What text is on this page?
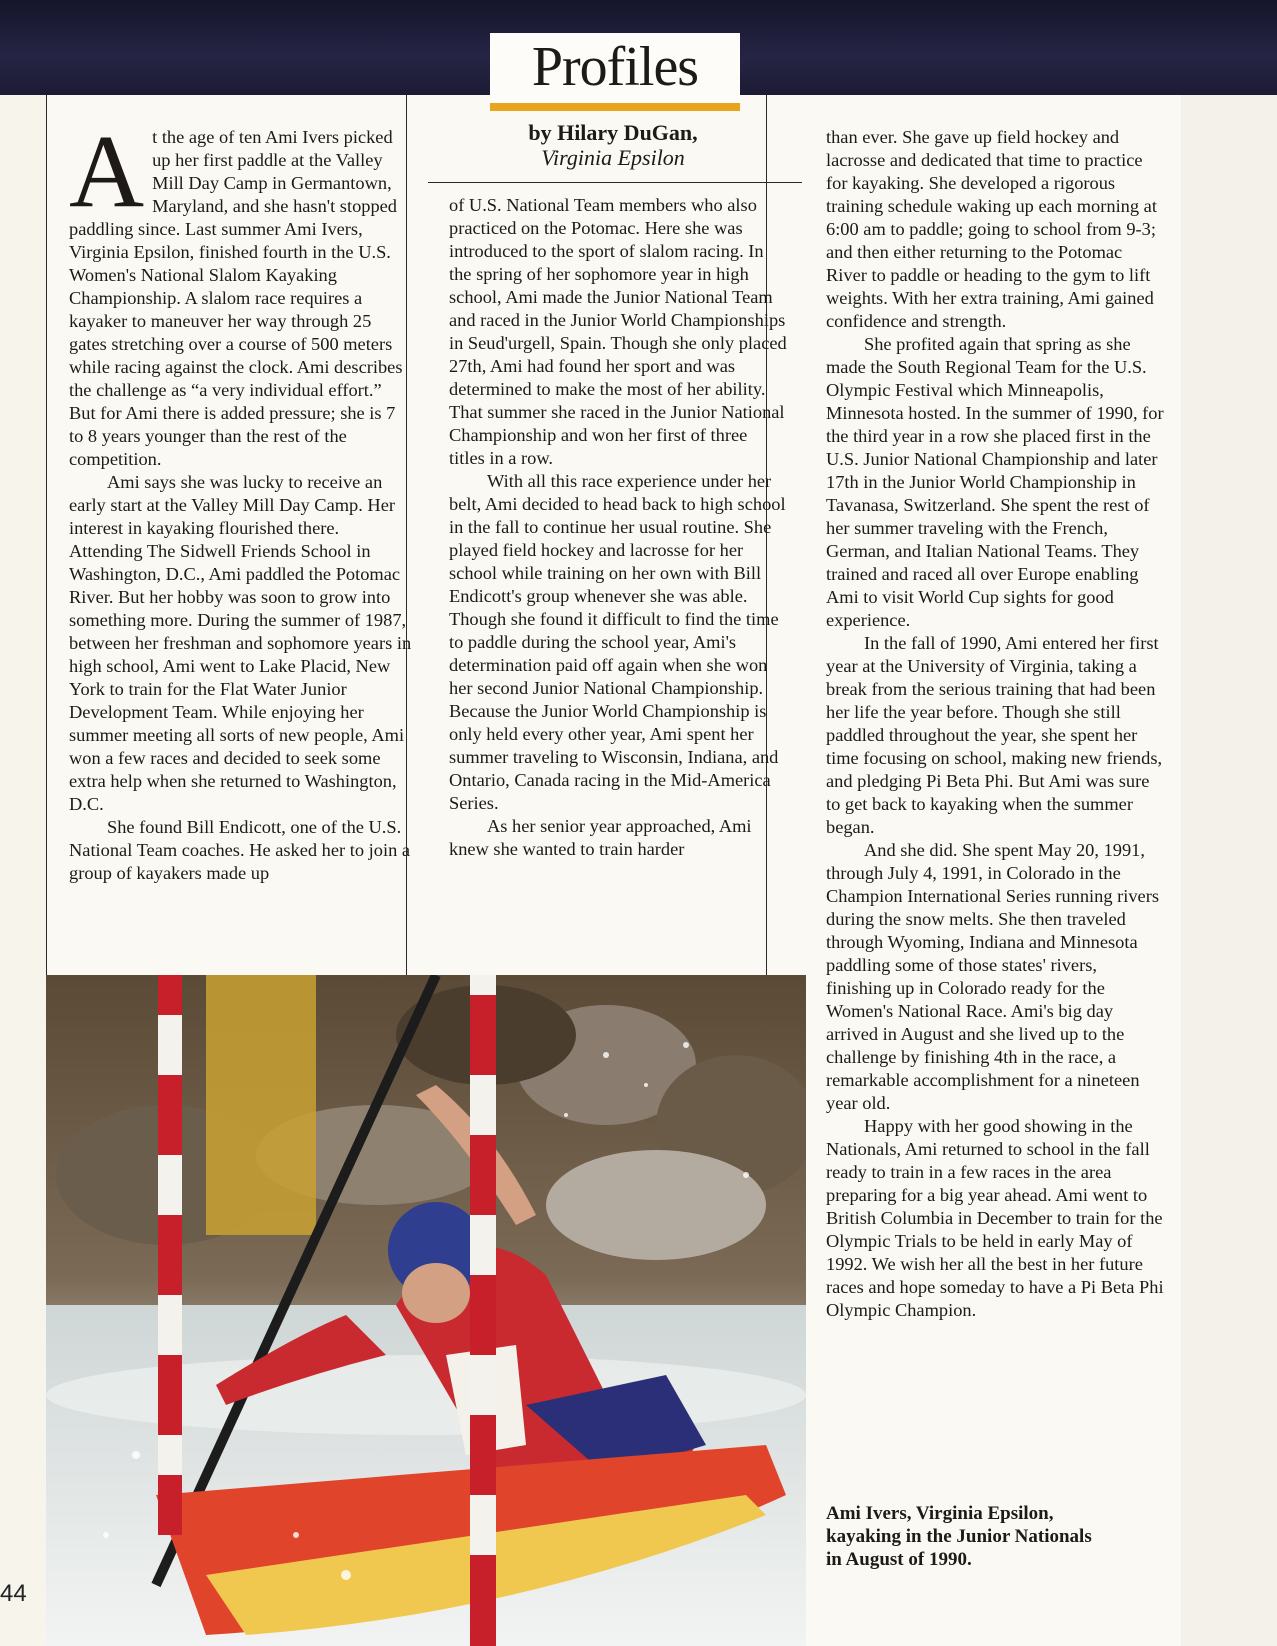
Profiles
by Hilary DuGan,
Virginia Epsilon

At the age of ten Ami Ivers picked up her first paddle at the Valley Mill Day Camp in Germantown, Maryland, and she hasn't stopped paddling since. Last summer Ami Ivers, Virginia Epsilon, finished fourth in the U.S. Women's National Slalom Kayaking Championship. A slalom race requires a kayaker to maneuver her way through 25 gates stretching over a course of 500 meters while racing against the clock. Ami describes the challenge as “a very individual effort.” But for Ami there is added pressure; she is 7 to 8 years younger than the rest of the competition.

Ami says she was lucky to receive an early start at the Valley Mill Day Camp. Her interest in kayaking flourished there. Attending The Sidwell Friends School in Washington, D.C., Ami paddled the Potomac River. But her hobby was soon to grow into something more. During the summer of 1987, between her freshman and sophomore years in high school, Ami went to Lake Placid, New York to train for the Flat Water Junior Development Team. While enjoying her summer meeting all sorts of new people, Ami won a few races and decided to seek some extra help when she returned to Washington, D.C.

She found Bill Endicott, one of the U.S. National Team coaches. He asked her to join a group of kayakers made up

of U.S. National Team members who also practiced on the Potomac. Here she was introduced to the sport of slalom racing. In the spring of her sophomore year in high school, Ami made the Junior National Team and raced in the Junior World Championships in Seud'urgell, Spain. Though she only placed 27th, Ami had found her sport and was determined to make the most of her ability. That summer she raced in the Junior National Championship and won her first of three titles in a row.

With all this race experience under her belt, Ami decided to head back to high school in the fall to continue her usual routine. She played field hockey and lacrosse for her school while training on her own with Bill Endicott's group whenever she was able. Though she found it difficult to find the time to paddle during the school year, Ami's determination paid off again when she won her second Junior National Championship. Because the Junior World Championship is only held every other year, Ami spent her summer traveling to Wisconsin, Indiana, and Ontario, Canada racing in the Mid-America Series.

As her senior year approached, Ami knew she wanted to train harder

than ever. She gave up field hockey and lacrosse and dedicated that time to practice for kayaking. She developed a rigorous training schedule waking up each morning at 6:00 am to paddle; going to school from 9-3; and then either returning to the Potomac River to paddle or heading to the gym to lift weights. With her extra training, Ami gained confidence and strength.

She profited again that spring as she made the South Regional Team for the U.S. Olympic Festival which Minneapolis, Minnesota hosted. In the summer of 1990, for the third year in a row she placed first in the U.S. Junior National Championship and later 17th in the Junior World Championship in Tavanasa, Switzerland. She spent the rest of her summer traveling with the French, German, and Italian National Teams. They trained and raced all over Europe enabling Ami to visit World Cup sights for good experience.

In the fall of 1990, Ami entered her first year at the University of Virginia, taking a break from the serious training that had been her life the year before. Though she still paddled throughout the year, she spent her time focusing on school, making new friends, and pledging Pi Beta Phi. But Ami was sure to get back to kayaking when the summer began.

And she did. She spent May 20, 1991, through July 4, 1991, in Colorado in the Champion International Series running rivers during the snow melts. She then traveled through Wyoming, Indiana and Minnesota paddling some of those states' rivers, finishing up in Colorado ready for the Women's National Race. Ami's big day arrived in August and she lived up to the challenge by finishing 4th in the race, a remarkable accomplishment for a nineteen year old.

Happy with her good showing in the Nationals, Ami returned to school in the fall ready to train in a few races in the area preparing for a big year ahead. Ami went to British Columbia in December to train for the Olympic Trials to be held in early May of 1992. We wish her all the best in her future races and hope someday to have a Pi Beta Phi Olympic Champion.

Ami Ivers, Virginia Epsilon, kayaking in the Junior Nationals in August of 1990.
44
